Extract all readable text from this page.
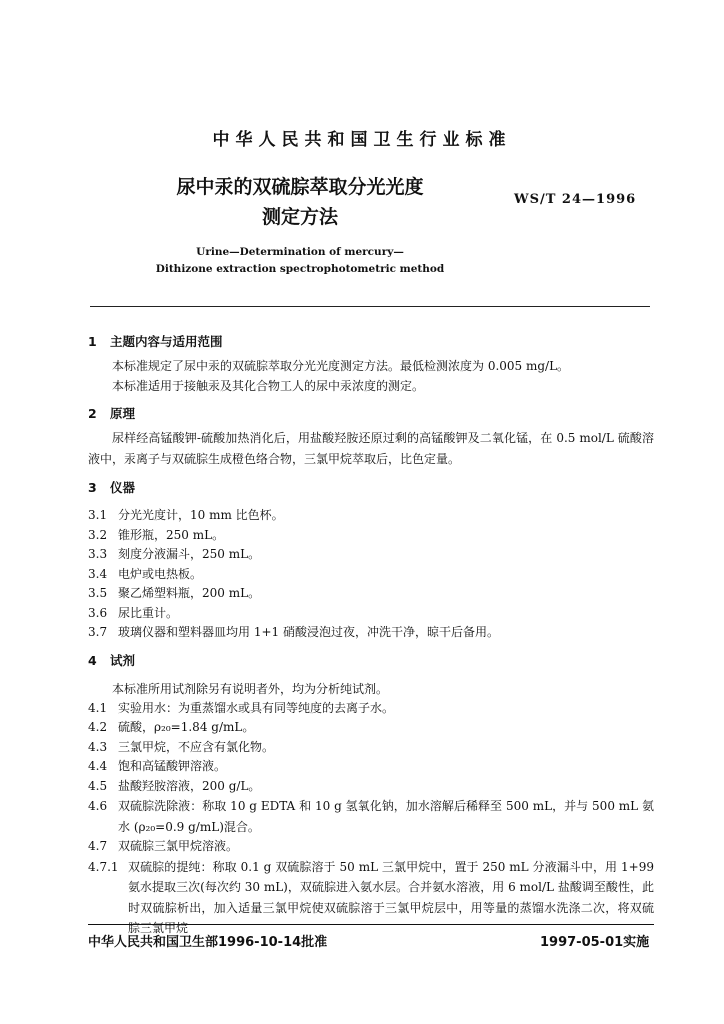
中华人民共和国卫生行业标准
尿中汞的双硫腙萃取分光光度
测定方法
WS/T 24—1996
Urine—Determination of mercury—
Dithizone extraction spectrophotometric method
1 主题内容与适用范围

本标准规定了尿中汞的双硫腙萃取分光光度测定方法。最低检测浓度为 0.005 mg/L。

本标准适用于接触汞及其化合物工人的尿中汞浓度的测定。

2 原理

尿样经高锰酸钾-硫酸加热消化后，用盐酸羟胺还原过剩的高锰酸钾及二氧化锰，在 0.5 mol/L 硫酸溶液中，汞离子与双硫腙生成橙色络合物，三氯甲烷萃取后，比色定量。

3 仪器
3.1 分光光度计，10 mm 比色杯。
3.2 锥形瓶，250 mL。
3.3 刻度分液漏斗，250 mL。
3.4 电炉或电热板。
3.5 聚乙烯塑料瓶，200 mL。
3.6 尿比重计。
3.7 玻璃仪器和塑料器皿均用 1+1 硝酸浸泡过夜，冲洗干净，晾干后备用。
4 试剂

本标准所用试剂除另有说明者外，均为分析纯试剂。

4.1 实验用水：为重蒸馏水或具有同等纯度的去离子水。
4.2 硫酸，ρ₂₀=1.84 g/mL。
4.3 三氯甲烷，不应含有氯化物。
4.4 饱和高锰酸钾溶液。
4.5 盐酸羟胺溶液，200 g/L。
4.6 双硫腙洗除液：称取 10 g EDTA 和 10 g 氢氧化钠，加水溶解后稀释至 500 mL，并与 500 mL 氨水 (ρ₂₀=0.9 g/mL)混合。
4.7 双硫腙三氯甲烷溶液。
4.7.1 双硫腙的提纯：称取 0.1 g 双硫腙溶于 50 mL 三氯甲烷中，置于 250 mL 分液漏斗中，用 1+99 氨水提取三次(每次约 30 mL)，双硫腙进入氨水层。合并氨水溶液，用 6 mol/L 盐酸调至酸性，此时双硫腙析出，加入适量三氯甲烷使双硫腙溶于三氯甲烷层中，用等量的蒸馏水洗涤二次，将双硫腙三氯甲烷
中华人民共和国卫生部1996-10-14批准	1997-05-01实施
